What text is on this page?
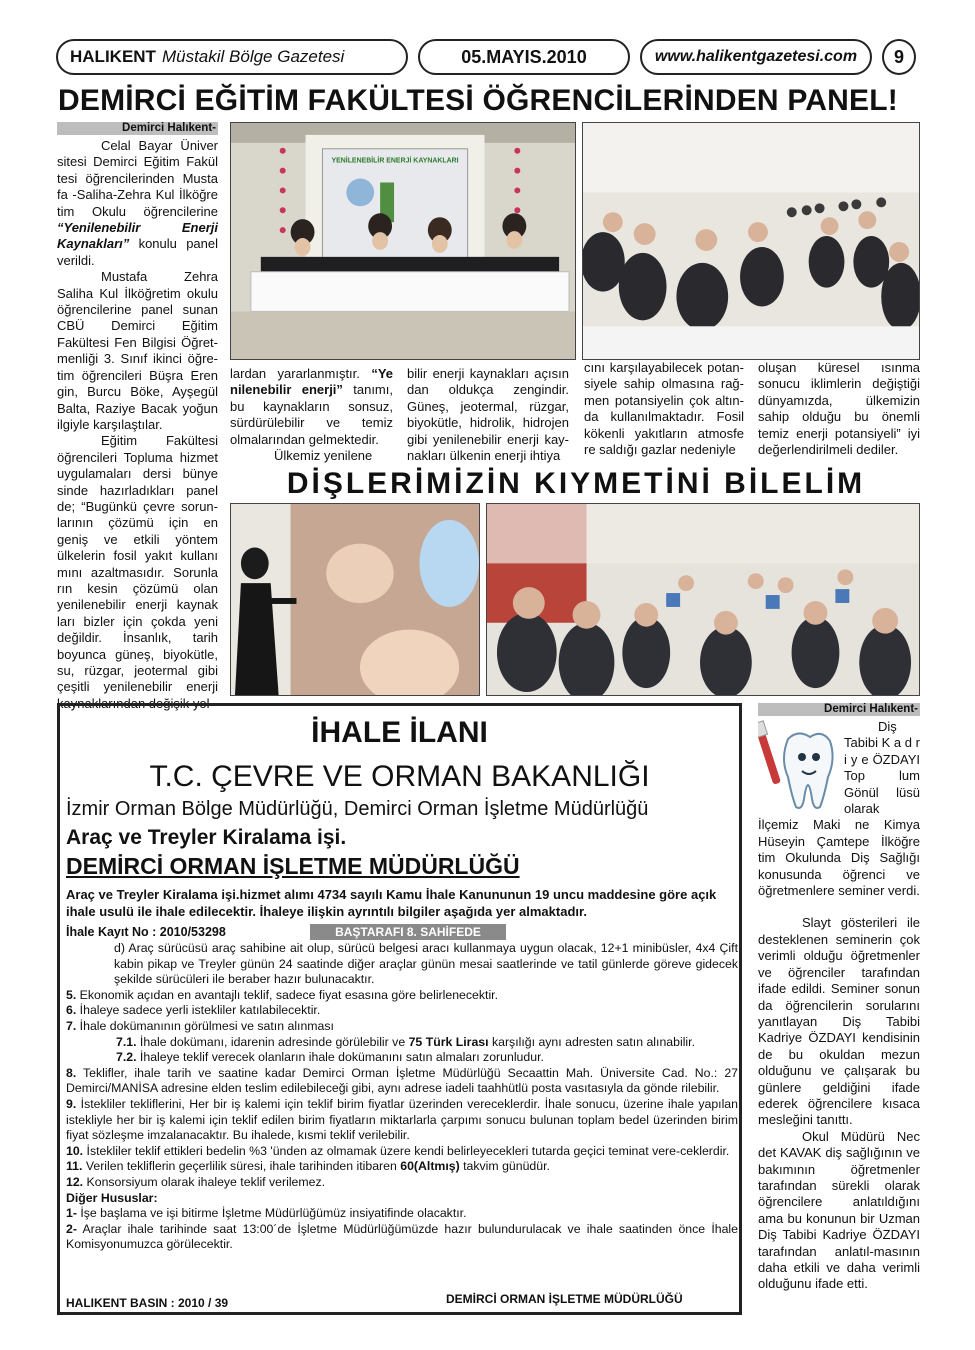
HALIKENT Müstakil Bölge Gazetesi	05.MAYIS.2010	www.halikentgazetesi.com	9
DEMİRCİ EĞİTİM FAKÜLTESİ ÖĞRENCİLERİNDEN PANEL!
Demirci Halıkent-

Celal Bayar Üniver sitesi Demirci Eğitim Fakül tesi öğrencilerinden Musta fa -Saliha-Zehra Kul İlköğre tim Okulu öğrencilerine “Yenilenebilir Enerji Kaynakları” konulu panel verildi.

Mustafa Zehra Saliha Kul İlköğretim okulu öğrencilerine panel sunan CBÜ Demirci Eğitim Fakültesi Fen Bilgisi Öğret-menliği 3. Sınıf ikinci öğre-tim öğrencileri Büşra Eren gin, Burcu Böke, Ayşegül Balta, Raziye Bacak yoğun ilgiyle karşılaştılar.

Eğitim Fakültesi öğrencileri Topluma hizmet uygulamaları dersi bünye sinde hazırladıkları panel de; “Bugünkü çevre sorun-larının çözümü için en geniş ve etkili yöntem ülkelerin fosil yakıt kullanı mını azaltmasıdır. Sorunla rın kesin çözümü olan yenilenebilir enerji kaynak ları bizler için çokda yeni değildir. İnsanlık, tarih boyunca güneş, biyokütle, su, rüzgar, jeotermal gibi çeşitli yenilenebilir enerji kaynaklarından değişik yol-

YENİLENEBİLİR ENERJİ KAYNAKLARI

lardan yararlanmıştır. “Ye nilenebilir enerji” tanımı, bu kaynakların sonsuz, sürdürülebilir ve temiz olmalarından gelmektedir.

Ülkemiz yenilene

bilir enerji kaynakları açısın dan oldukça zengindir. Güneş, jeotermal, rüzgar, biyokütle, hidrolik, hidrojen gibi yenilenebilir enerji kay-nakları ülkenin enerji ihtiya
cını karşılayabilecek potan-siyele sahip olmasına rağ-men potansiyelin çok altın-da kullanılmaktadır. Fosil kökenli yakıtların atmosfe re saldığı gazlar nedeniyle
oluşan küresel ısınma sonucu iklimlerin değiştiği dünyamızda, ülkemizin sahip olduğu bu önemli temiz enerji potansiyeli” iyi değerlendirilmeli dediler.
DİŞLERİMİZİN KIYMETİNİ BİLELİM
İHALE İLANI
T.C. ÇEVRE VE ORMAN BAKANLIĞI
İzmir Orman Bölge Müdürlüğü, Demirci Orman İşletme Müdürlüğü
Araç ve Treyler Kiralama işi.
DEMİRCİ ORMAN İŞLETME MÜDÜRLÜĞÜ
Araç ve Treyler Kiralama işi.hizmet alımı 4734 sayılı Kamu İhale Kanununun 19 uncu maddesine göre açık ihale usulü ile ihale edilecektir. İhaleye ilişkin ayrıntılı bilgiler aşağıda yer almaktadır.
İhale Kayıt No : 2010/53298	BAŞTARAFI 8. SAHİFEDE

d) Araç sürücüsü araç sahibine ait olup, sürücü belgesi aracı kullanmaya uygun olacak, 12+1 minibüsler, 4x4 Çift kabin pikap ve Treyler günün 24 saatinde diğer araçlar günün mesai saatlerinde ve tatil günlerde göreve gidecek şekilde sürücüleri ile beraber hazır bulunacaktır.

5. Ekonomik açıdan en avantajlı teklif, sadece fiyat esasına göre belirlenecektir.

6. İhaleye sadece yerli istekliler katılabilecektir.

7. İhale dokümanının görülmesi ve satın alınması

7.1. İhale dokümanı, idarenin adresinde görülebilir ve 75 Türk Lirası karşılığı aynı adresten satın alınabilir.

7.2. İhaleye teklif verecek olanların ihale dokümanını satın almaları zorunludur.

8. Teklifler, ihale tarih ve saatine kadar Demirci Orman İşletme Müdürlüğü Secaattin Mah. Üniversite Cad. No.: 27 Demirci/MANİSA adresine elden teslim edilebileceği gibi, aynı adrese iadeli taahhütlü posta vasıtasıyla da gönde rilebilir.

9. İstekliler tekliflerini, Her bir iş kalemi için teklif birim fiyatlar üzerinden vereceklerdir. İhale sonucu, üzerine ihale yapılan istekliyle her bir iş kalemi için teklif edilen birim fiyatların miktarlarla çarpımı sonucu bulunan toplam bedel üzerinden birim fiyat sözleşme imzalanacaktır. Bu ihalede, kısmi teklif verilebilir.

10. İstekliler teklif ettikleri bedelin %3 'ünden az olmamak üzere kendi belirleyecekleri tutarda geçici teminat vere-ceklerdir.

11. Verilen tekliflerin geçerlilik süresi, ihale tarihinden itibaren 60(Altmış) takvim günüdür.

12. Konsorsiyum olarak ihaleye teklif verilemez.

Diğer Hususlar:

1- İşe başlama ve işi bitirme İşletme Müdürlüğümüz insiyatifinde olacaktır.

2- Araçlar ihale tarihinde saat 13:00´de İşletme Müdürlüğümüzde hazır bulundurulacak ve ihale saatinden önce İhale Komisyonumuzca görülecektir.

HALIKENT BASIN : 2010 / 39	DEMİRCİ ORMAN İŞLETME MÜDÜRLÜĞÜ
Demirci Halıkent-

Diş Tabibi K a d r i y e ÖZDAYI Top lum Gönül lüsü olarak İlçemiz Maki ne Kimya Hüseyin Çamtepe İlköğre tim Okulunda Diş Sağlığı konusunda öğrenci ve öğretmenlere seminer verdi.

Slayt gösterileri ile desteklenen seminerin çok verimli olduğu öğretmenler ve öğrenciler tarafından ifade edildi. Seminer sonun da öğrencilerin sorularını yanıtlayan Diş Tabibi Kadriye ÖZDAYI kendisinin de bu okuldan mezun olduğunu ve çalışarak bu günlere geldiğini ifade ederek öğrencilere kısaca mesleğini tanıttı.

Okul Müdürü Nec det KAVAK diş sağlığının ve bakımının öğretmenler tarafından sürekli olarak öğrencilere anlatıldığını ama bu konunun bir Uzman Diş Tabibi Kadriye ÖZDAYI tarafından anlatıl-masının daha etkili ve daha verimli olduğunu ifade etti.
